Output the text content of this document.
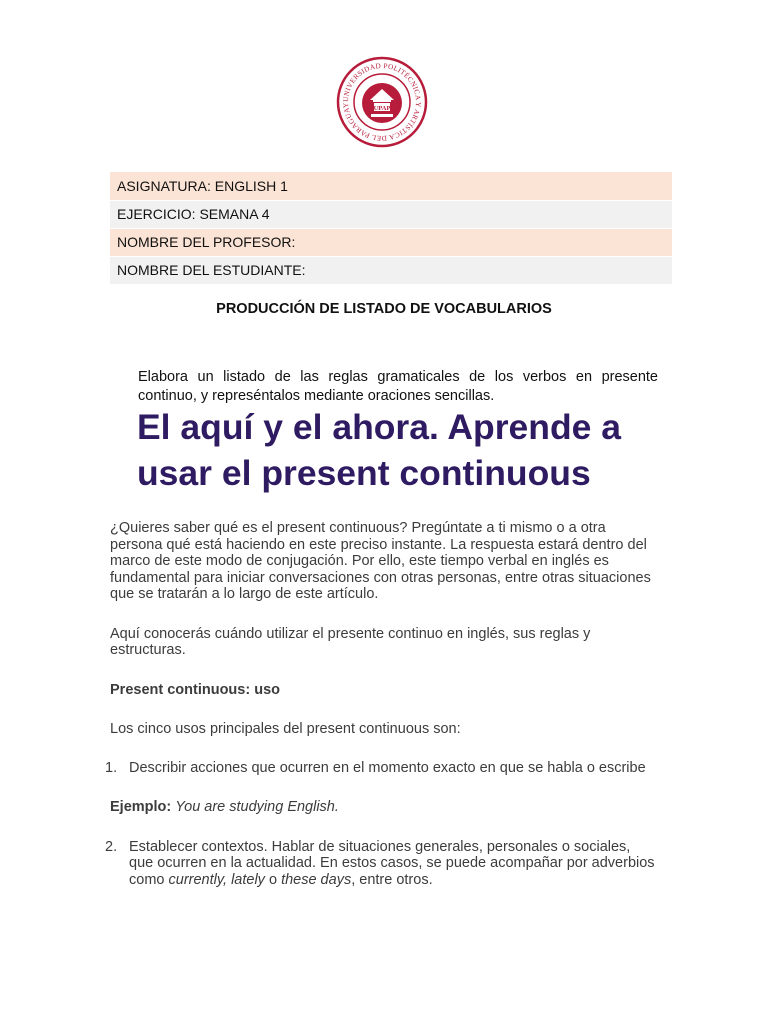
UNIVERSIDAD POLITÉCNICA Y ARTÍSTICA DEL PARAGUAY	UPAP
ASIGNATURA: ENGLISH 1
EJERCICIO: SEMANA 4
NOMBRE DEL PROFESOR:
NOMBRE DEL ESTUDIANTE:
PRODUCCIÓN DE LISTADO DE VOCABULARIOS
Elabora un listado de las reglas gramaticales de los verbos en presente continuo, y represéntalos mediante oraciones sencillas.
El aquí y el ahora. Aprende a
usar el present continuous

¿Quieres saber qué es el present continuous? Pregúntate a ti mismo o a otra persona qué está haciendo en este preciso instante. La respuesta estará dentro del marco de este modo de conjugación. Por ello, este tiempo verbal en inglés es fundamental para iniciar conversaciones con otras personas, entre otras situaciones que se tratarán a lo largo de este artículo.

Aquí conocerás cuándo utilizar el presente continuo en inglés, sus reglas y estructuras.

Present continuous: uso

Los cinco usos principales del present continuous son:

1. Describir acciones que ocurren en el momento exacto en que se habla o escribe

Ejemplo: You are studying English.

2. Establecer contextos. Hablar de situaciones generales, personales o sociales, que ocurren en la actualidad. En estos casos, se puede acompañar por adverbios como currently, lately o these days, entre otros.
